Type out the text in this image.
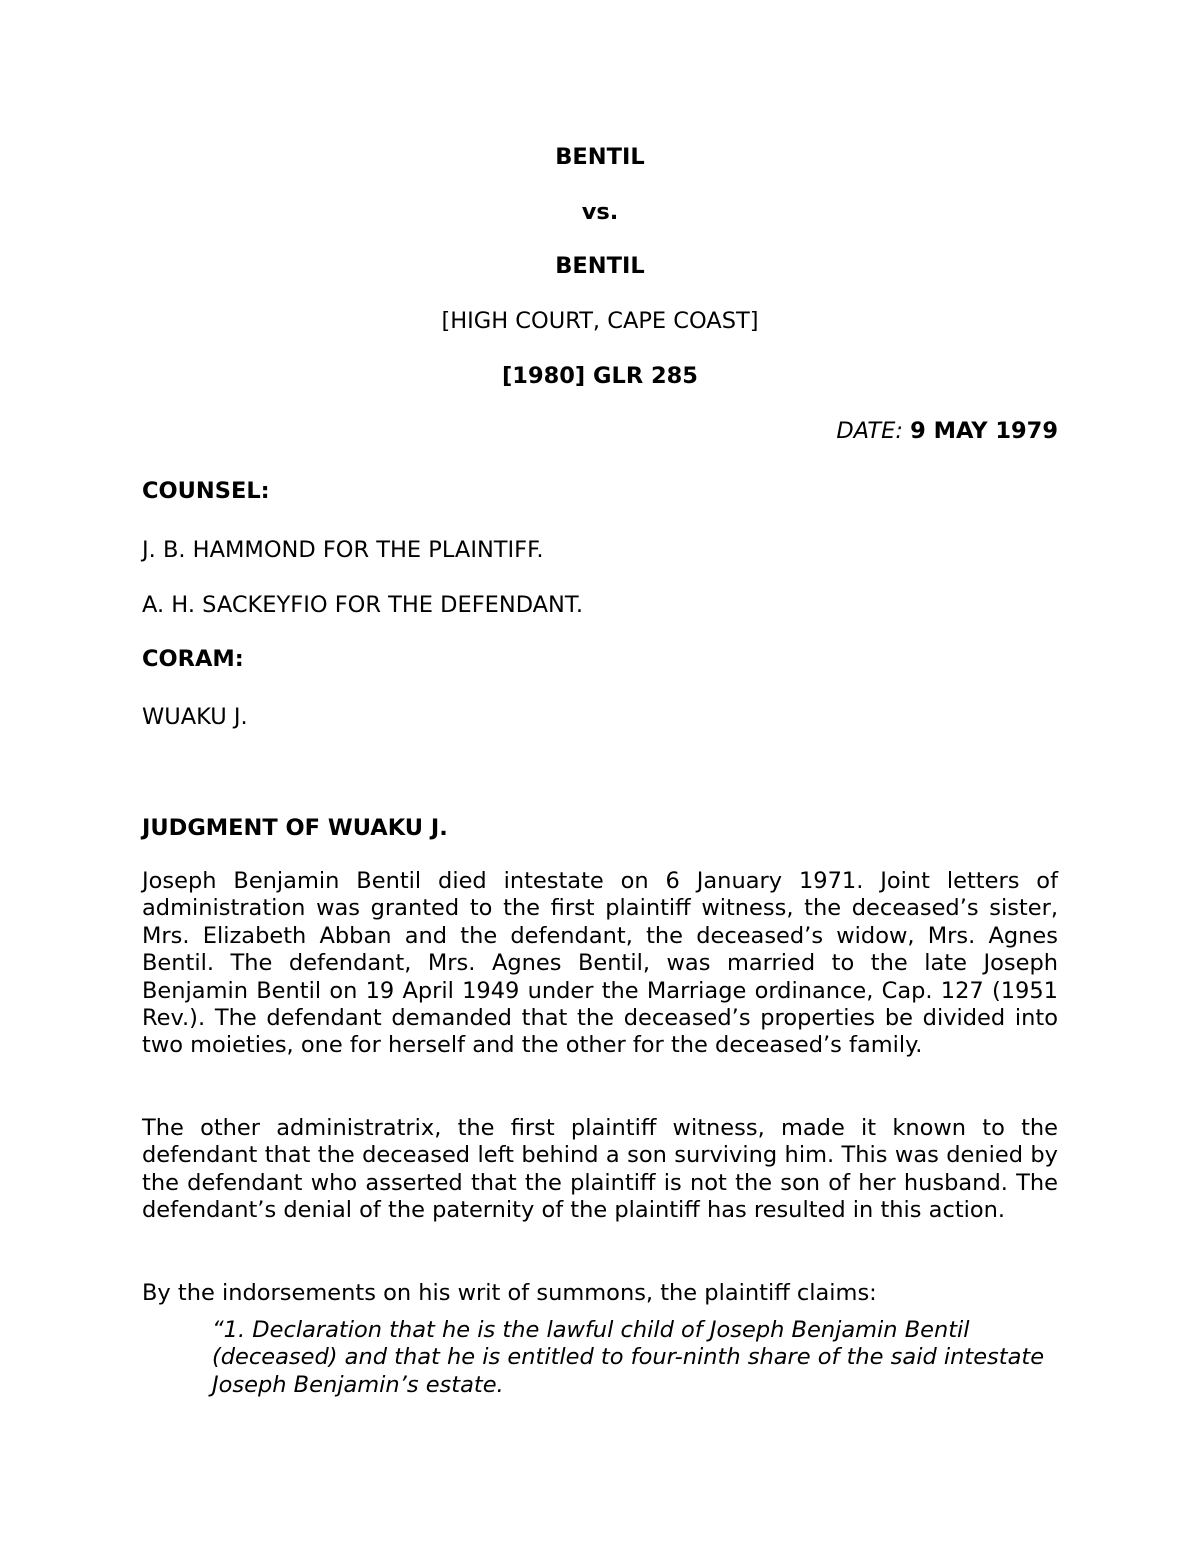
BENTIL
vs.
BENTIL
[HIGH COURT, CAPE COAST]
[1980] GLR 285
DATE: 9 MAY 1979
COUNSEL:
J. B. HAMMOND FOR THE PLAINTIFF.
A. H. SACKEYFIO FOR THE DEFENDANT.
CORAM:
WUAKU J.
JUDGMENT OF WUAKU J.
Joseph Benjamin Bentil died intestate on 6 January 1971. Joint letters of administration was granted to the first plaintiff witness, the deceased’s sister, Mrs. Elizabeth Abban and the defendant, the deceased’s widow, Mrs. Agnes Bentil. The defendant, Mrs. Agnes Bentil, was married to the late Joseph Benjamin Bentil on 19 April 1949 under the Marriage ordinance, Cap. 127 (1951 Rev.). The defendant demanded that the deceased’s properties be divided into two moieties, one for herself and the other for the deceased’s family.
The other administratrix, the first plaintiff witness, made it known to the defendant that the deceased left behind a son surviving him. This was denied by the defendant who asserted that the plaintiff is not the son of her husband. The defendant’s denial of the paternity of the plaintiff has resulted in this action.
By the indorsements on his writ of summons, the plaintiff claims:
“1. Declaration that he is the lawful child of Joseph Benjamin Bentil (deceased) and that he is entitled to four-ninth share of the said intestate Joseph Benjamin’s estate.
